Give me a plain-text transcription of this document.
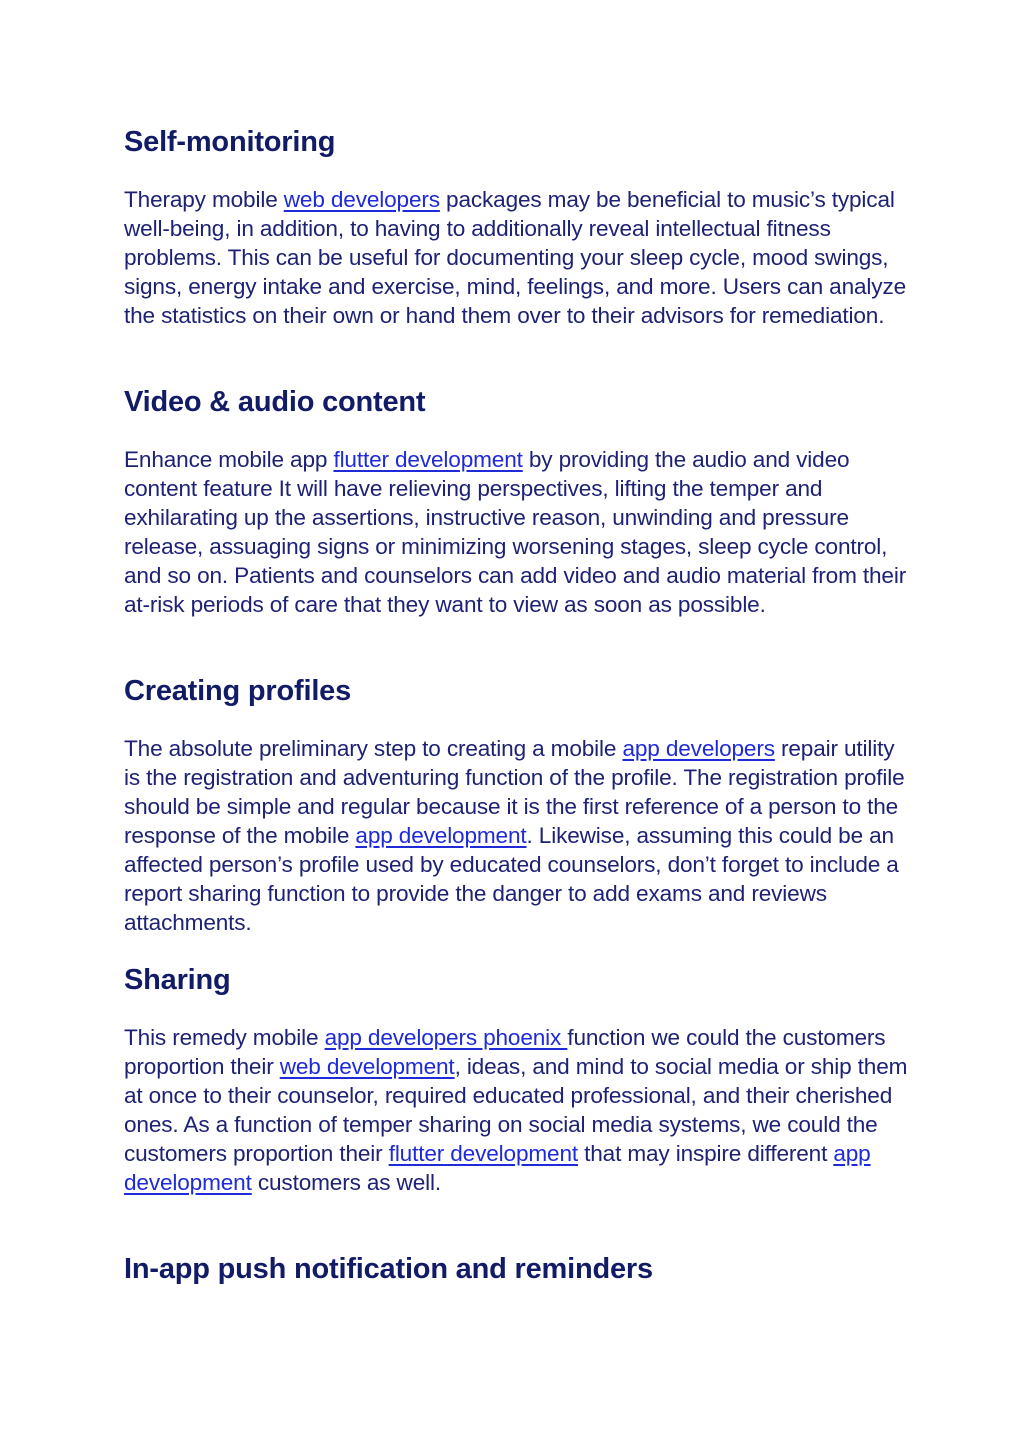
Self-monitoring

Therapy mobile web developers packages may be beneficial to music’s typical well-being, in addition, to having to additionally reveal intellectual fitness problems. This can be useful for documenting your sleep cycle, mood swings, signs, energy intake and exercise, mind, feelings, and more. Users can analyze the statistics on their own or hand them over to their advisors for remediation.

Video & audio content

Enhance mobile app flutter development by providing the audio and video content feature It will have relieving perspectives, lifting the temper and exhilarating up the assertions, instructive reason, unwinding and pressure release, assuaging signs or minimizing worsening stages, sleep cycle control, and so on. Patients and counselors can add video and audio material from their at-risk periods of care that they want to view as soon as possible.

Creating profiles

The absolute preliminary step to creating a mobile app developers repair utility is the registration and adventuring function of the profile. The registration profile should be simple and regular because it is the first reference of a person to the response of the mobile app development. Likewise, assuming this could be an affected person’s profile used by educated counselors, don’t forget to include a report sharing function to provide the danger to add exams and reviews attachments.

Sharing

This remedy mobile app developers phoenix function we could the customers proportion their web development, ideas, and mind to social media or ship them at once to their counselor, required educated professional, and their cherished ones. As a function of temper sharing on social media systems, we could the customers proportion their flutter development that may inspire different app development customers as well.

In-app push notification and reminders
